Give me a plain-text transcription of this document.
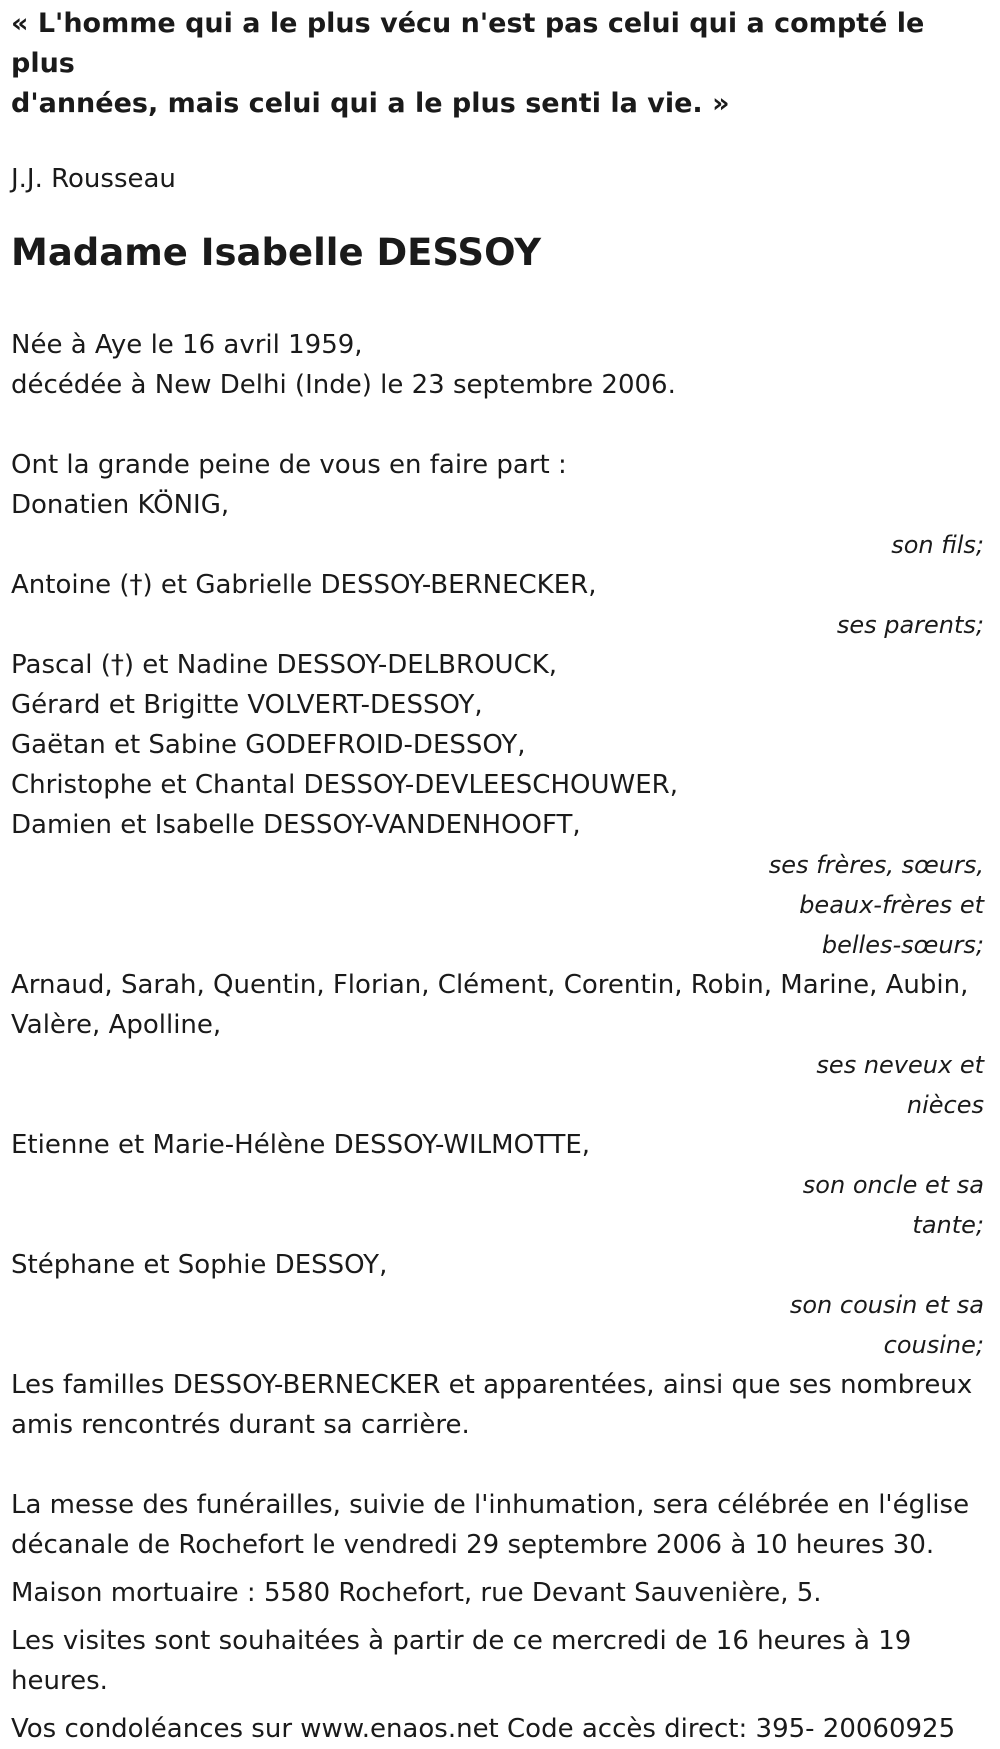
« L'homme qui a le plus vécu n'est pas celui qui a compté le plus
d'années, mais celui qui a le plus senti la vie. »
J.J. Rousseau
Madame Isabelle DESSOY
Née à Aye le 16 avril 1959,
décédée à New Delhi (Inde) le 23 septembre 2006.
Ont la grande peine de vous en faire part :
Donatien KÖNIG,
son fils;
Antoine (†) et Gabrielle DESSOY-BERNECKER,
ses parents;
Pascal (†) et Nadine DESSOY-DELBROUCK,
Gérard et Brigitte VOLVERT-DESSOY,
Gaëtan et Sabine GODEFROID-DESSOY,
Christophe et Chantal DESSOY-DEVLEESCHOUWER,
Damien et Isabelle DESSOY-VANDENHOOFT,
ses frères, sœurs,
beaux-frères et
belles-sœurs;
Arnaud, Sarah, Quentin, Florian, Clément, Corentin, Robin, Marine, Aubin,
Valère, Apolline,
ses neveux et
nièces
Etienne et Marie-Hélène DESSOY-WILMOTTE,
son oncle et sa
tante;
Stéphane et Sophie DESSOY,
son cousin et sa
cousine;
Les familles DESSOY-BERNECKER et apparentées, ainsi que ses nombreux
amis rencontrés durant sa carrière.
La messe des funérailles, suivie de l'inhumation, sera célébrée en l'église
décanale de Rochefort le vendredi 29 septembre 2006 à 10 heures 30.
Maison mortuaire : 5580 Rochefort, rue Devant Sauvenière, 5.
Les visites sont souhaitées à partir de ce mercredi de 16 heures à 19
heures.
Vos condoléances sur www.enaos.net Code accès direct: 395- 20060925
